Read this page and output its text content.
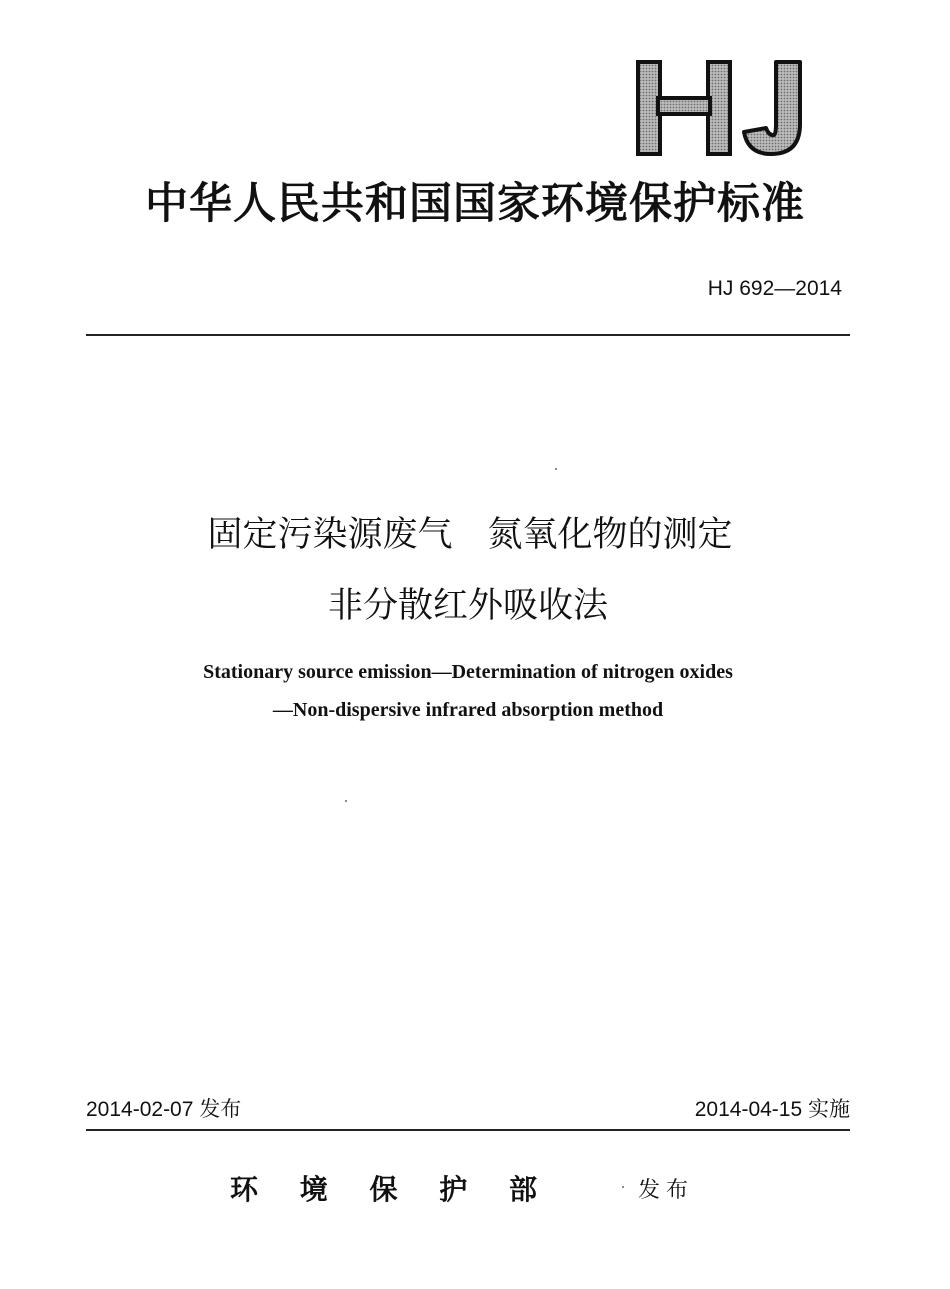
中华人民共和国国家环境保护标准
HJ 692—2014
固定污染源废气　氮氧化物的测定
非分散红外吸收法
Stationary source emission—Determination of nitrogen oxides
—Non-dispersive infrared absorption method
2014-02-07 发布	2014-04-15 实施
环 境 保 护 部	发布
